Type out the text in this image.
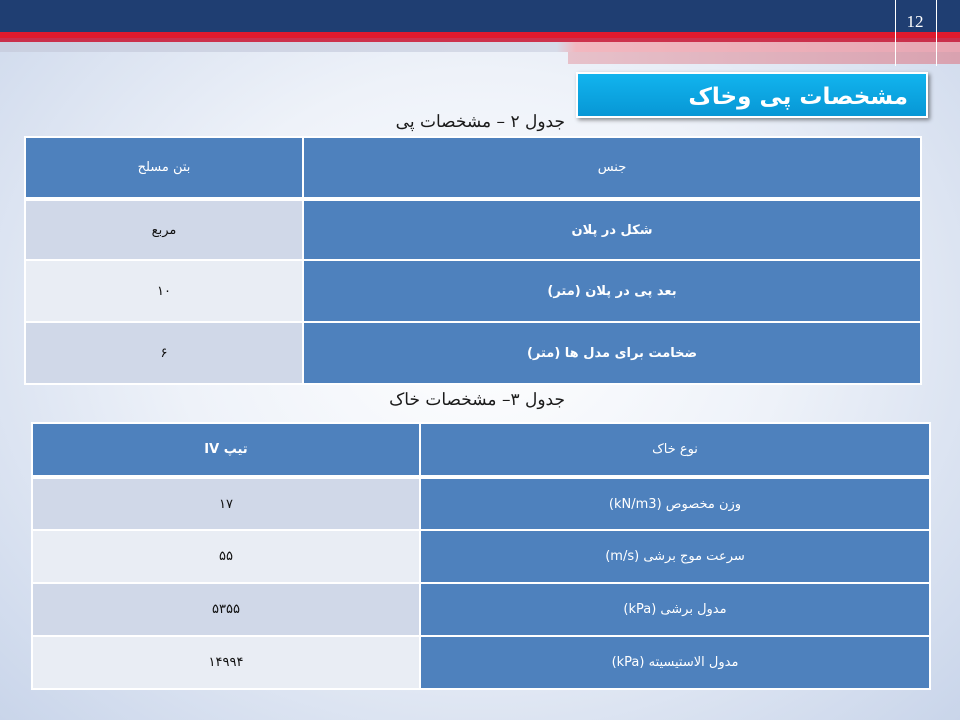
12
مشخصات پی وخاک
جدول ۲ – مشخصات پی
جنس	بتن مسلح
شکل در پلان	مربع
بعد پی در پلان (متر)	۱۰
ضخامت برای مدل ها (متر)	۶
جدول ۳– مشخصات خاک
نوع خاک	تیپ IV
وزن مخصوص (kN/m3)	۱۷
سرعت موج برشی (m/s)	۵۵
مدول برشی (kPa)	۵۳۵۵
مدول الاستیسیته (kPa)	۱۴۹۹۴
